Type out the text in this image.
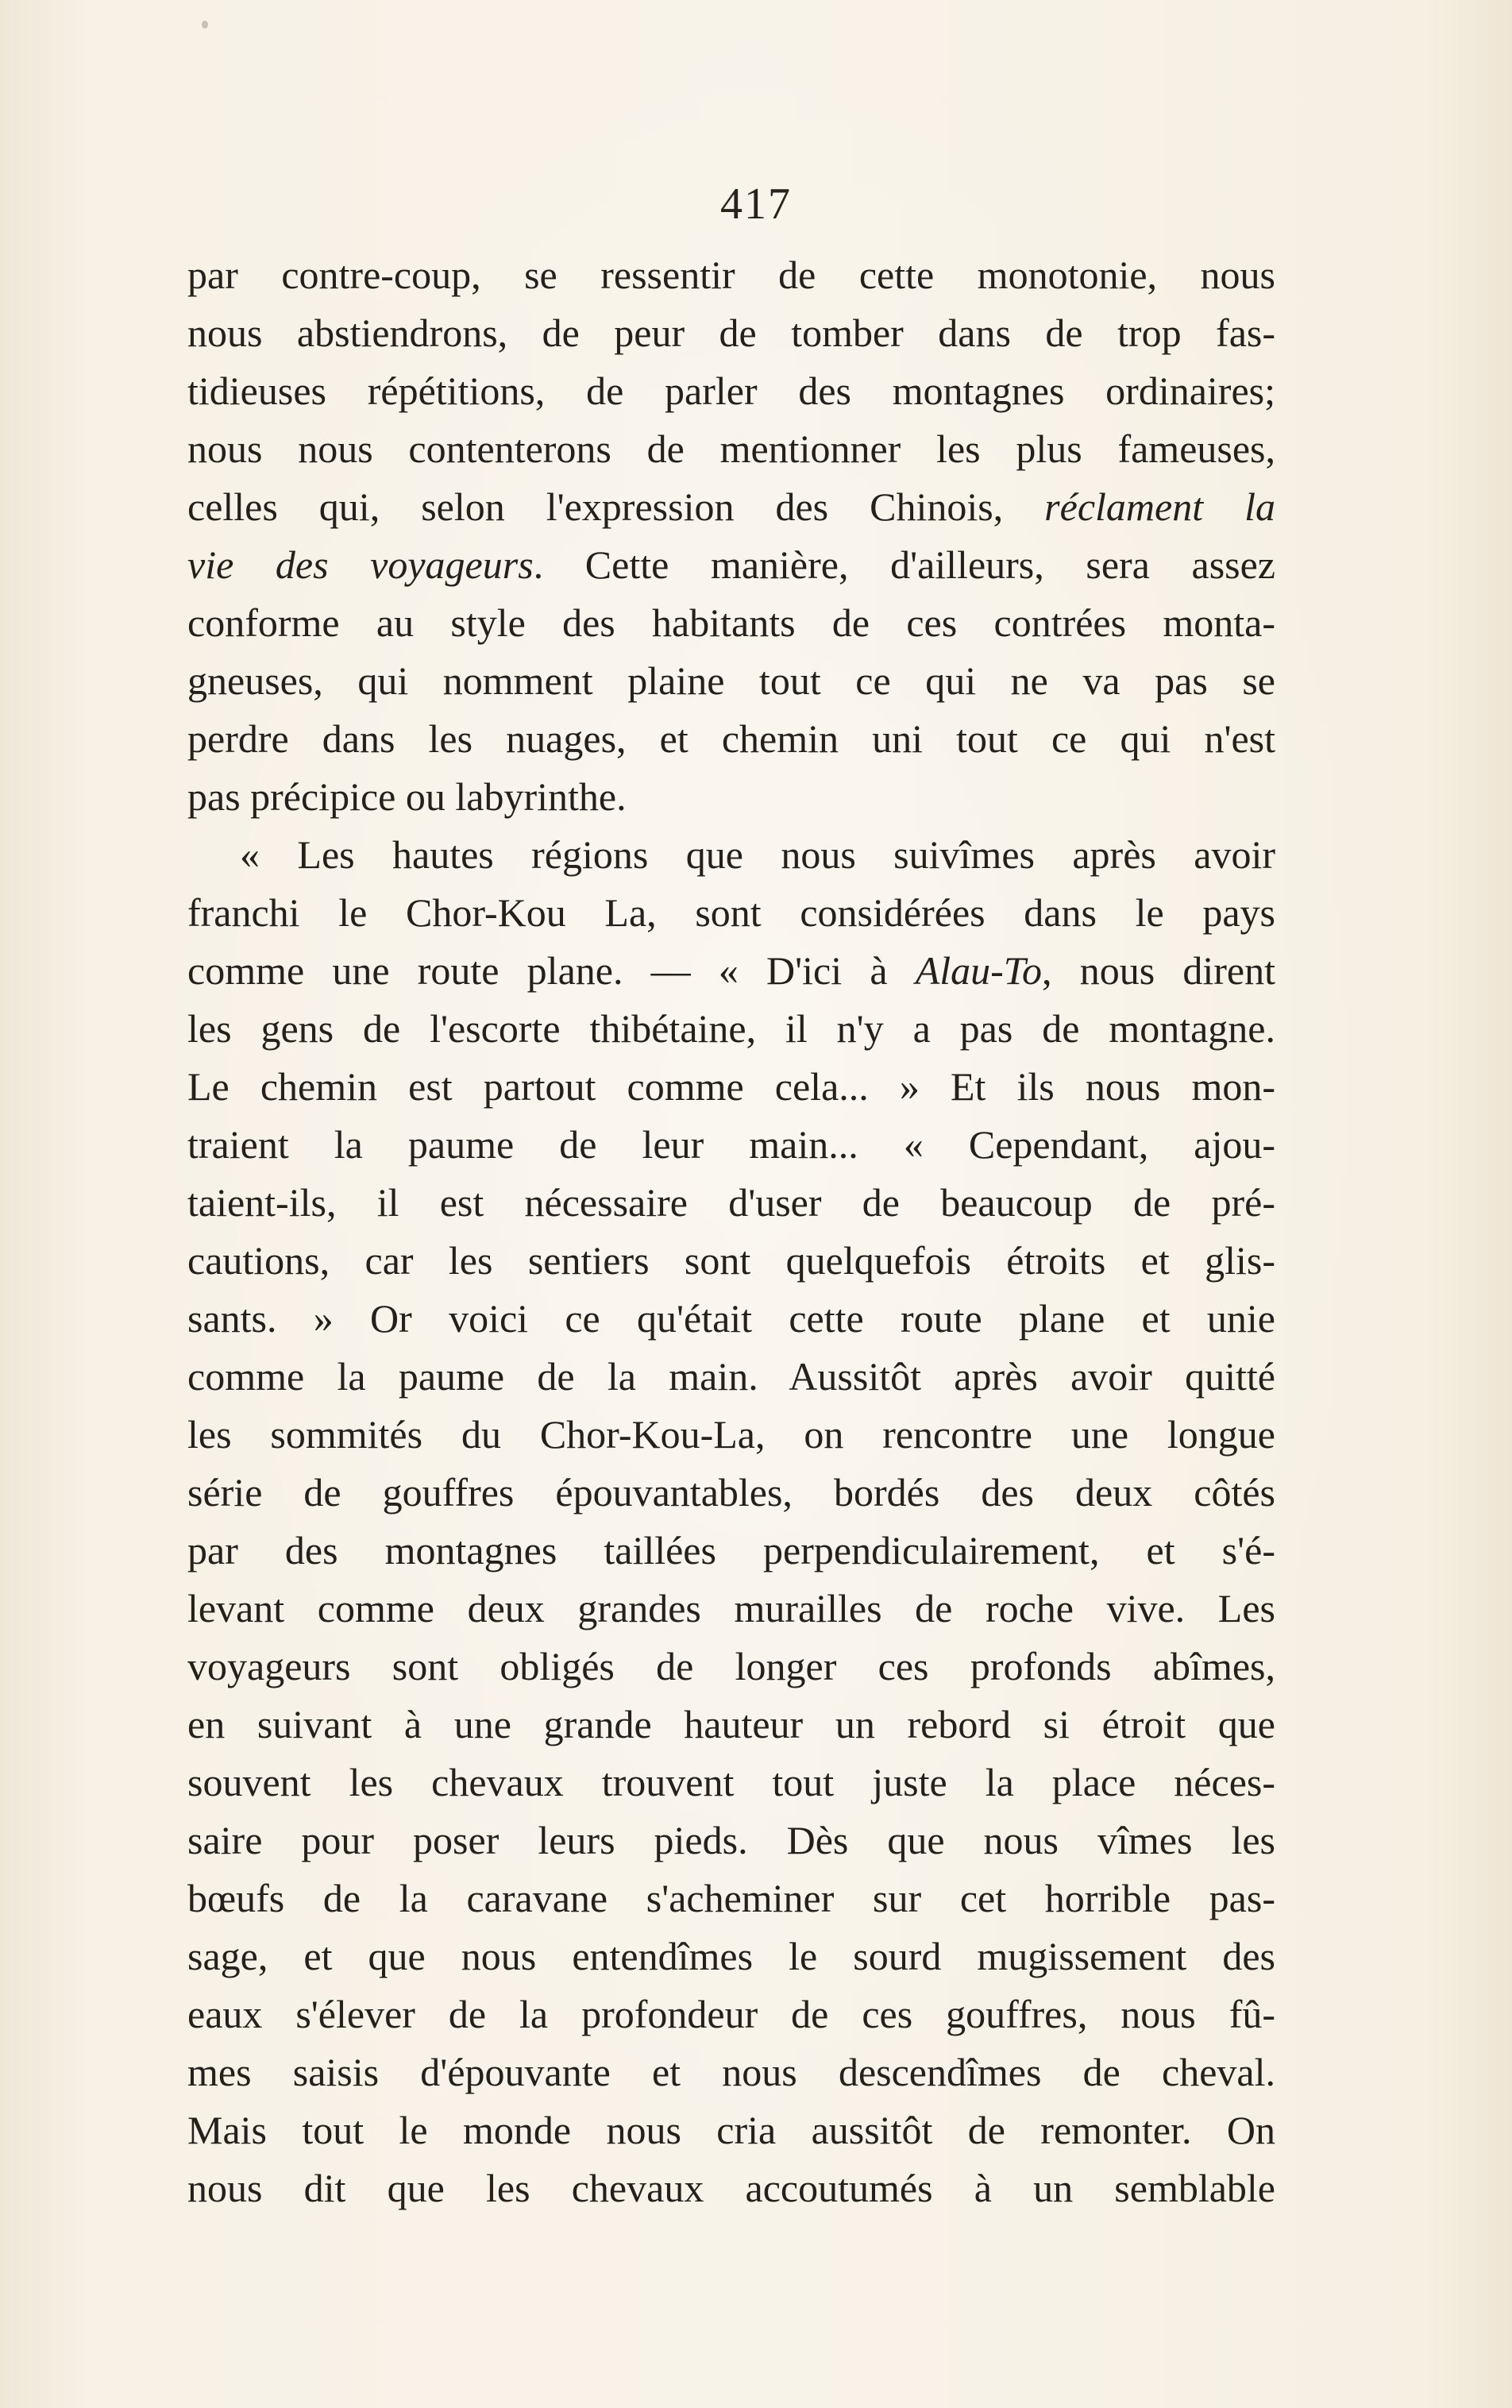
417
par contre-coup, se ressentir de cette monotonie, nous
nous abstiendrons, de peur de tomber dans de trop fas-
tidieuses répétitions, de parler des montagnes ordinaires;
nous nous contenterons de mentionner les plus fameuses,
celles qui, selon l'expression des Chinois, réclament la
vie des voyageurs. Cette manière, d'ailleurs, sera assez
conforme au style des habitants de ces contrées monta-
gneuses, qui nomment plaine tout ce qui ne va pas se
perdre dans les nuages, et chemin uni tout ce qui n'est
pas précipice ou labyrinthe.
« Les hautes régions que nous suivîmes après avoir
franchi le Chor-Kou La, sont considérées dans le pays
comme une route plane. — « D'ici à Alau-To, nous dirent
les gens de l'escorte thibétaine, il n'y a pas de montagne.
Le chemin est partout comme cela... » Et ils nous mon-
traient la paume de leur main... « Cependant, ajou-
taient-ils, il est nécessaire d'user de beaucoup de pré-
cautions, car les sentiers sont quelquefois étroits et glis-
sants. » Or voici ce qu'était cette route plane et unie
comme la paume de la main. Aussitôt après avoir quitté
les sommités du Chor-Kou-La, on rencontre une longue
série de gouffres épouvantables, bordés des deux côtés
par des montagnes taillées perpendiculairement, et s'é-
levant comme deux grandes murailles de roche vive. Les
voyageurs sont obligés de longer ces profonds abîmes,
en suivant à une grande hauteur un rebord si étroit que
souvent les chevaux trouvent tout juste la place néces-
saire pour poser leurs pieds. Dès que nous vîmes les
bœufs de la caravane s'acheminer sur cet horrible pas-
sage, et que nous entendîmes le sourd mugissement des
eaux s'élever de la profondeur de ces gouffres, nous fû-
mes saisis d'épouvante et nous descendîmes de cheval.
Mais tout le monde nous cria aussitôt de remonter. On
nous dit que les chevaux accoutumés à un semblable
